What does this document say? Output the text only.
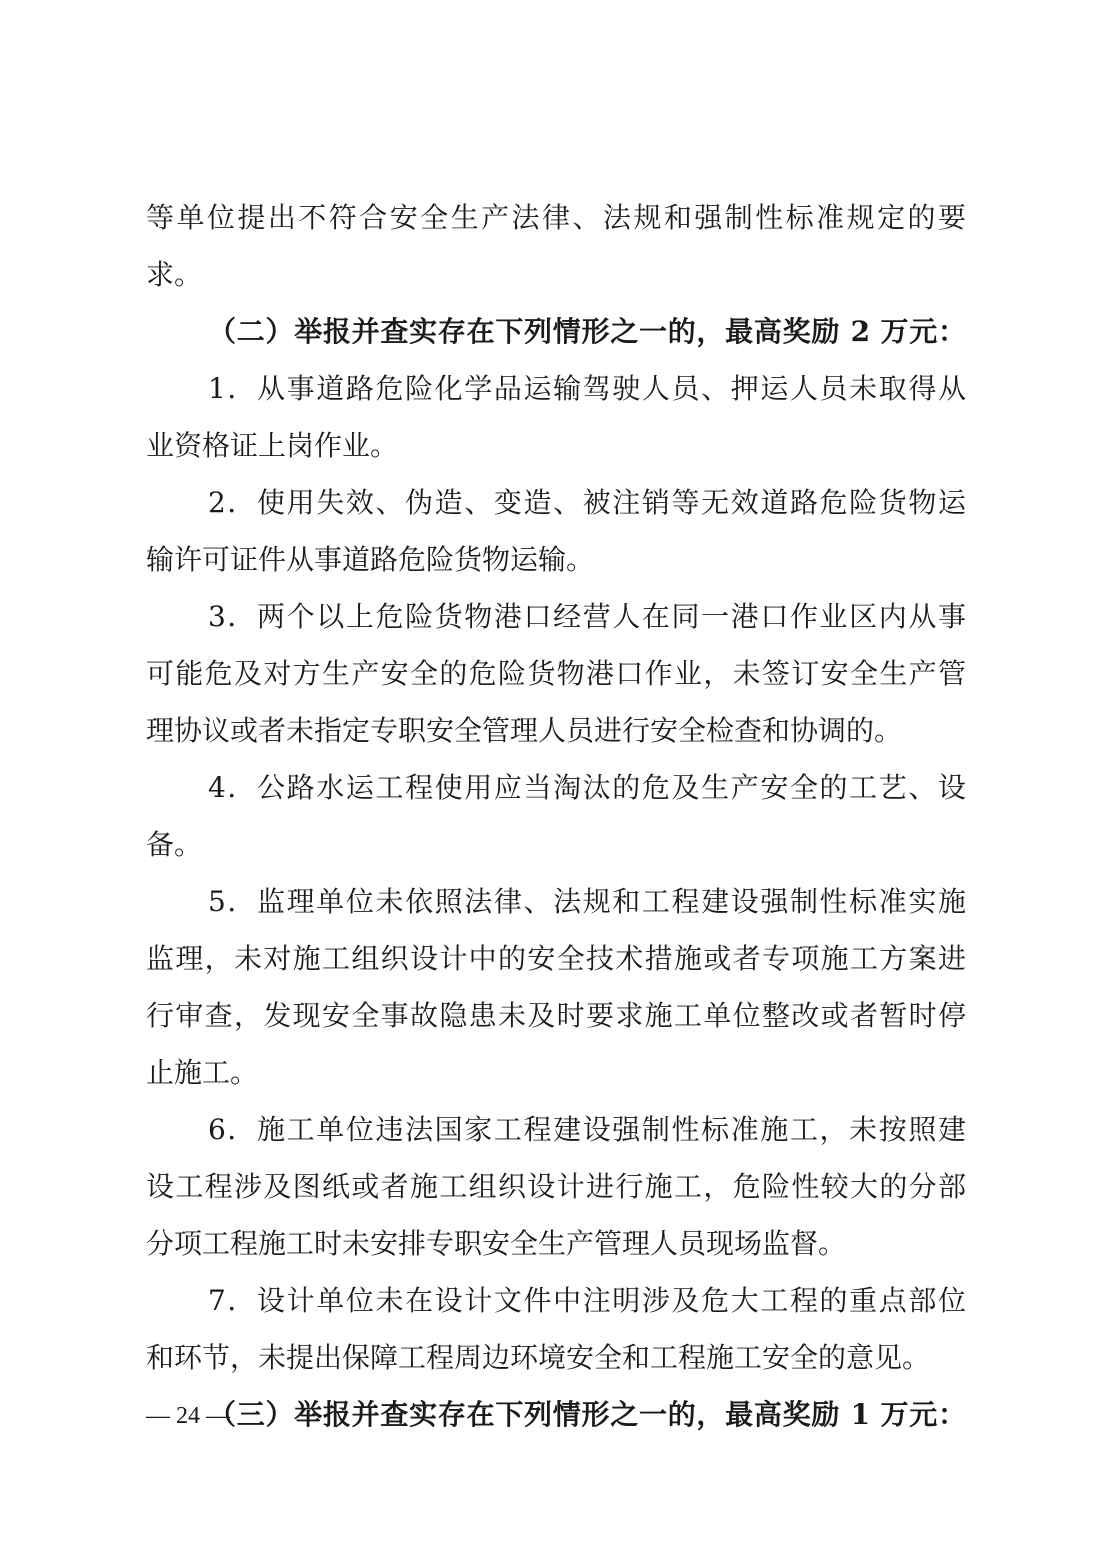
等单位提出不符合安全生产法律、法规和强制性标准规定的要
求。
（二）举报并查实存在下列情形之一的，最高奖励 2 万元：
1．从事道路危险化学品运输驾驶人员、押运人员未取得从
业资格证上岗作业。
2．使用失效、伪造、变造、被注销等无效道路危险货物运
输许可证件从事道路危险货物运输。
3．两个以上危险货物港口经营人在同一港口作业区内从事
可能危及对方生产安全的危险货物港口作业，未签订安全生产管
理协议或者未指定专职安全管理人员进行安全检查和协调的。
4．公路水运工程使用应当淘汰的危及生产安全的工艺、设
备。
5．监理单位未依照法律、法规和工程建设强制性标准实施
监理，未对施工组织设计中的安全技术措施或者专项施工方案进
行审查，发现安全事故隐患未及时要求施工单位整改或者暂时停
止施工。
6．施工单位违法国家工程建设强制性标准施工，未按照建
设工程涉及图纸或者施工组织设计进行施工，危险性较大的分部
分项工程施工时未安排专职安全生产管理人员现场监督。
7．设计单位未在设计文件中注明涉及危大工程的重点部位
和环节，未提出保障工程周边环境安全和工程施工安全的意见。
（三）举报并查实存在下列情形之一的，最高奖励 1 万元：
— 24 —
